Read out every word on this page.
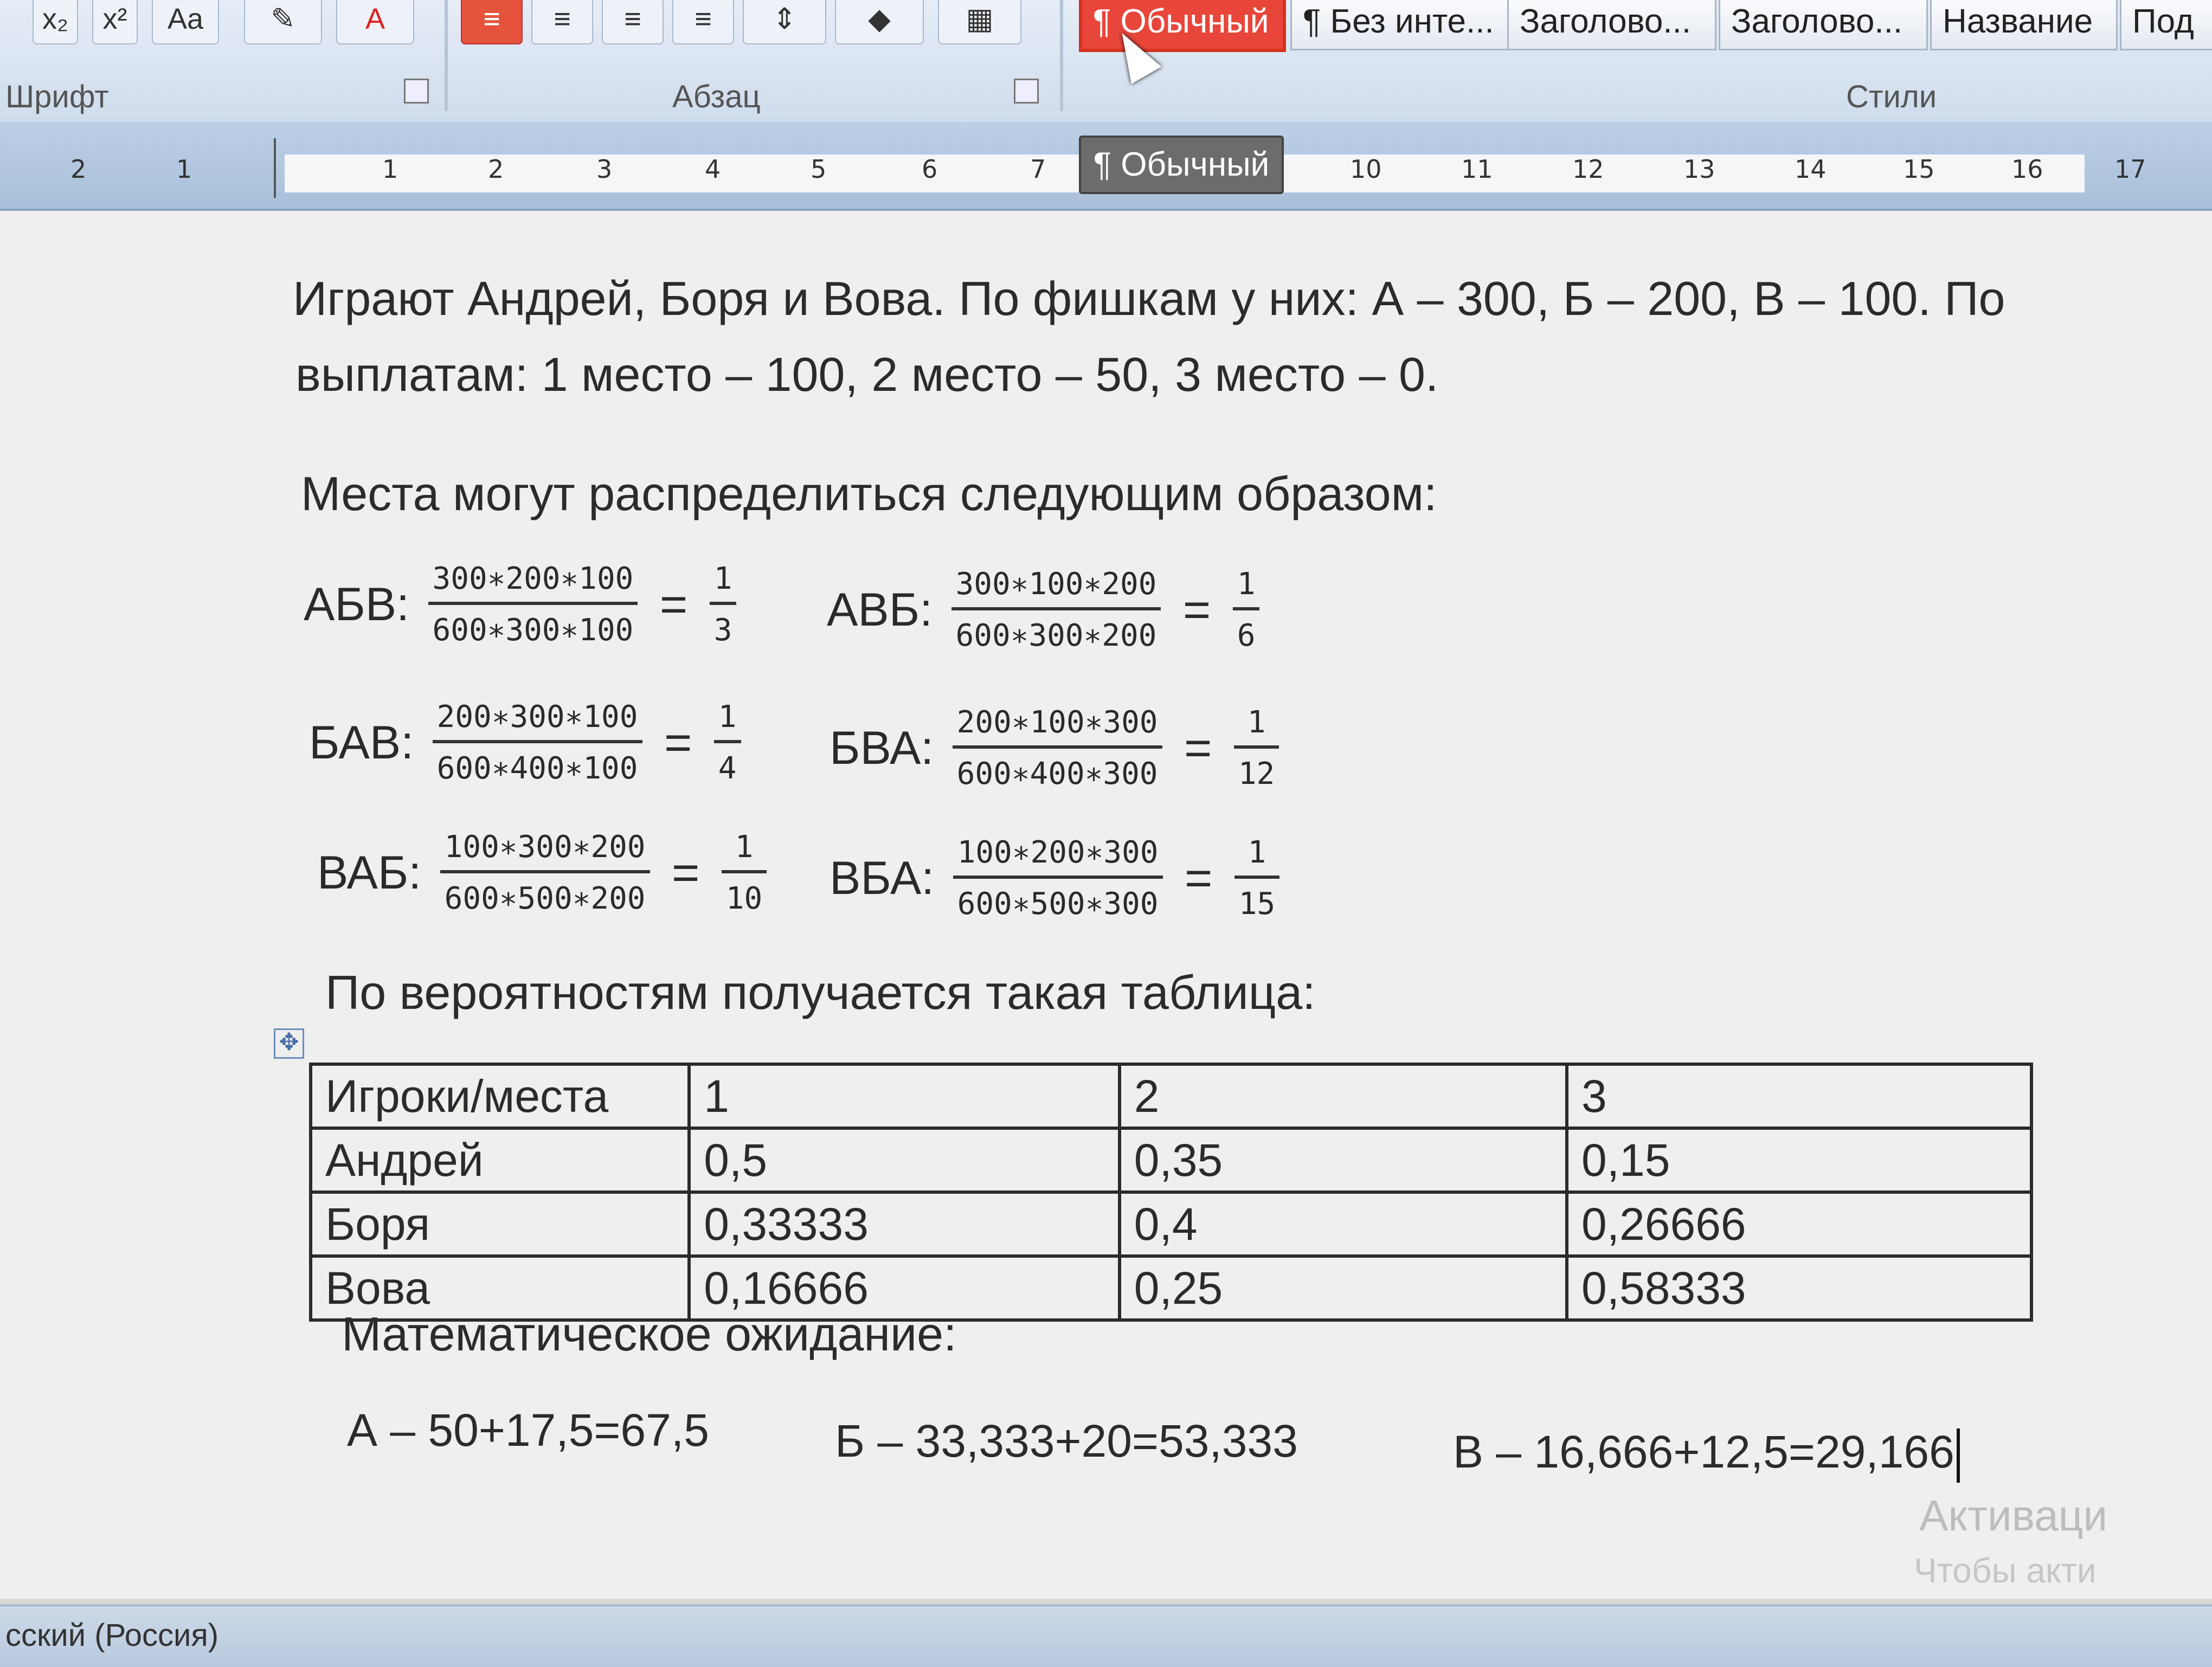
x₂	x²	Aa	✎	A
Шрифт
≡	≡	≡	≡	⇕	◆	▦
Абзац
¶ Обычный	¶ Без инте... Заголово...	Заголово...	Название	Под
Стили
2	1	1	2	3	4	5	6	7	10	11	12	13	14	15	16	17
¶ Обычный
Играют Андрей, Боря и Вова. По фишкам у них: А – 300, Б – 200, В – 100. По
выплатам: 1 место – 100, 2 место – 50, 3 место – 0.
Места могут распределиться следующим образом:
АБВ: $\frac{300∗200∗100}{600∗300∗100} = \frac{1}{3}$ АВБ: $\frac{300∗100∗200}{600∗300∗200} = \frac{1}{6}$
БАВ: $\frac{200∗300∗100}{600∗400∗100} = \frac{1}{4}$ БВА: $\frac{200∗100∗300}{600∗400∗300} = \frac{1}{12}$
ВАБ: $\frac{100∗300∗200}{600∗500∗200} = \frac{1}{10}$ ВБА: $\frac{100∗200∗300}{600∗500∗300} = \frac{1}{15}$
По вероятностям получается такая таблица:
✥
Игроки/места	1	2	3
Андрей	0,5	0,35	0,15
Боря	0,33333	0,4	0,26666
Вова	0,16666	0,25	0,58333
Математическое ожидание:
А – 50+17,5=67,5	Б – 33,333+20=53,333	В – 16,666+12,5=29,166
Активаци
Чтобы акти
сский (Россия)
